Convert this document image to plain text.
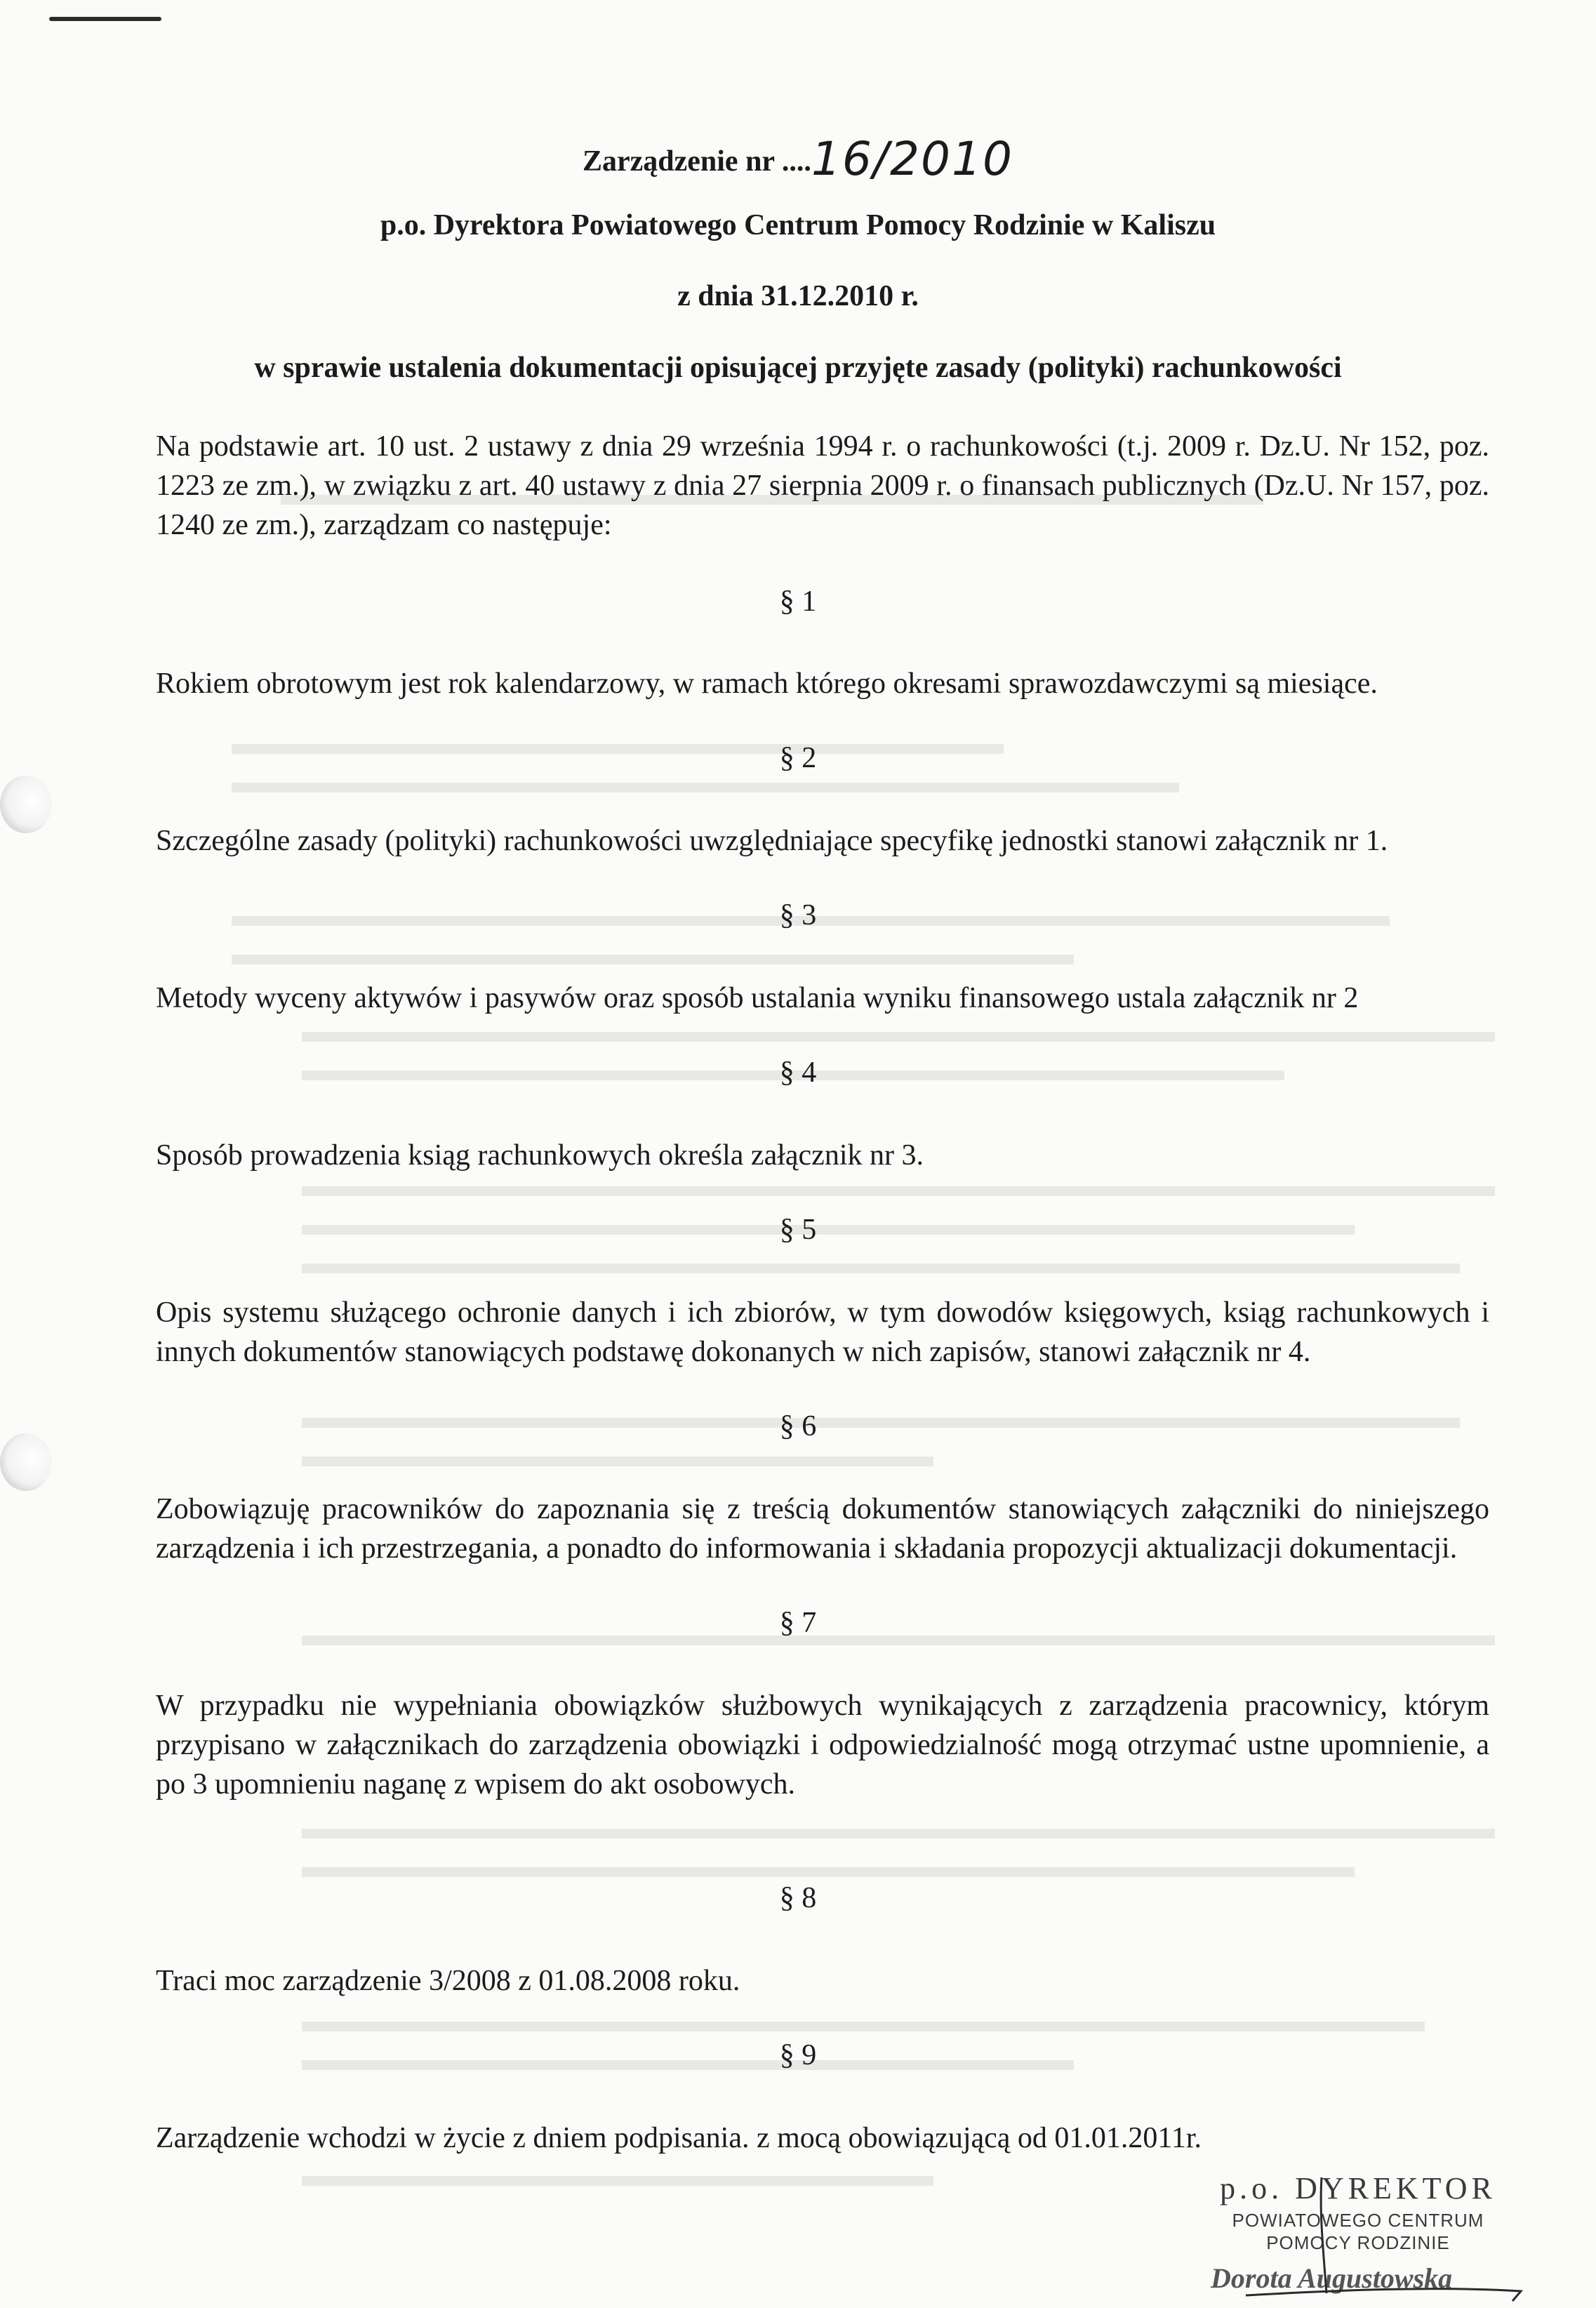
Zarządzenie nr ....16/2010
p.o. Dyrektora Powiatowego Centrum Pomocy Rodzinie w Kaliszu
z dnia 31.12.2010 r.
w sprawie ustalenia dokumentacji opisującej przyjęte zasady (polityki) rachunkowości
Na podstawie art. 10 ust. 2 ustawy z dnia 29 września 1994 r. o rachunkowości (t.j. 2009 r. Dz.U. Nr 152, poz. 1223 ze zm.), w związku z art. 40 ustawy z dnia 27 sierpnia 2009 r. o finansach publicznych (Dz.U. Nr 157, poz. 1240 ze zm.), zarządzam co następuje:
§ 1
Rokiem obrotowym jest rok kalendarzowy, w ramach którego okresami sprawozdawczymi są miesiące.
§ 2
Szczególne zasady (polityki) rachunkowości uwzględniające specyfikę jednostki stanowi załącznik nr 1.
§ 3
Metody wyceny aktywów i pasywów oraz sposób ustalania wyniku finansowego ustala załącznik nr 2
§ 4
Sposób prowadzenia ksiąg rachunkowych określa załącznik nr 3.
§ 5
Opis systemu służącego ochronie danych i ich zbiorów, w tym dowodów księgowych, ksiąg rachunkowych i innych dokumentów stanowiących podstawę dokonanych w nich zapisów, stanowi załącznik nr 4.
§ 6
Zobowiązuję pracowników do zapoznania się z treścią dokumentów stanowiących załączniki do niniejszego zarządzenia i ich przestrzegania, a ponadto do informowania i składania propozycji aktualizacji dokumentacji.
§ 7
W przypadku nie wypełniania obowiązków służbowych wynikających z zarządzenia pracownicy, którym przypisano w załącznikach do zarządzenia obowiązki i odpowiedzialność mogą otrzymać ustne upomnienie, a po 3 upomnieniu naganę z wpisem do akt osobowych.
§ 8
Traci moc zarządzenie 3/2008 z 01.08.2008 roku.
§ 9
Zarządzenie wchodzi w życie z dniem podpisania. z mocą obowiązującą od 01.01.2011r.
p.o. DYREKTOR
POWIATOWEGO CENTRUM
POMOCY RODZINIE
Dorota Augustowska
